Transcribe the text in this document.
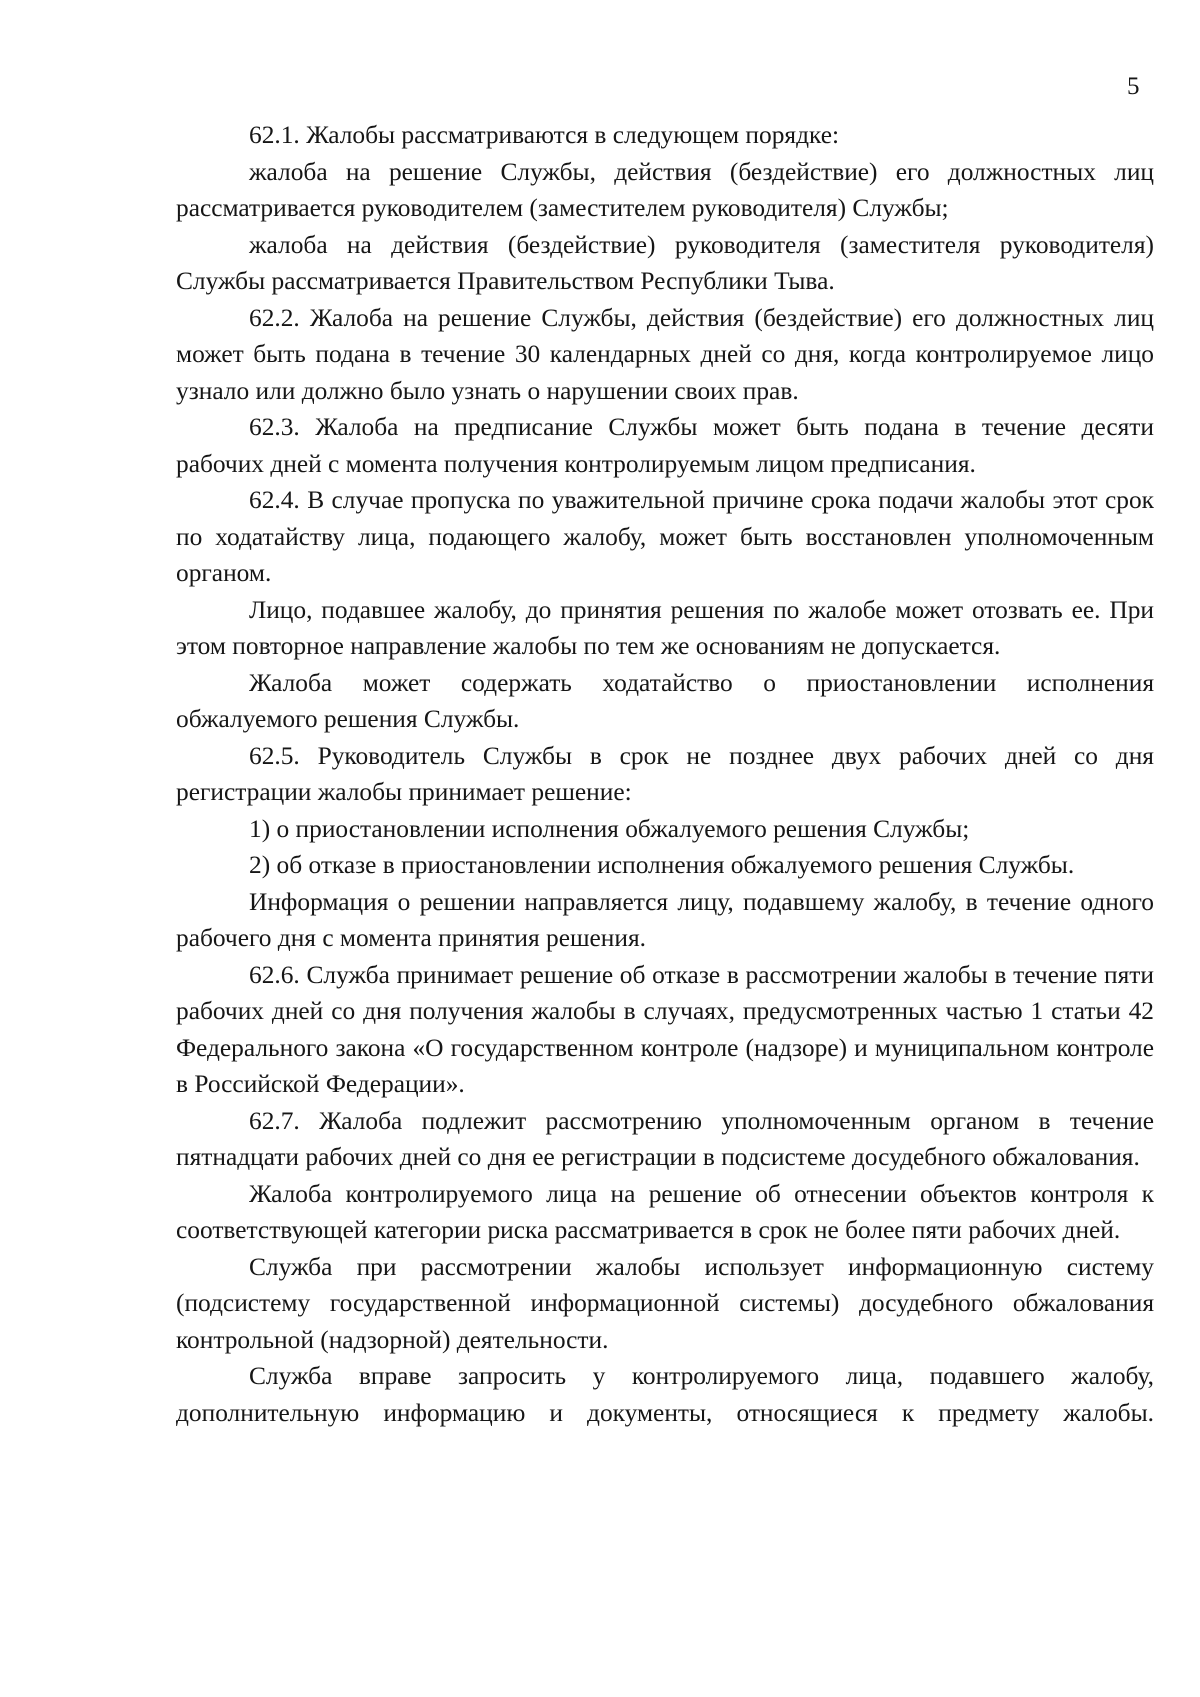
5

62.1. Жалобы рассматриваются в следующем порядке:

жалоба на решение Службы, действия (бездействие) его должностных лиц рассматривается руководителем (заместителем руководителя) Службы;

жалоба на действия (бездействие) руководителя (заместителя руководителя) Службы рассматривается Правительством Республики Тыва.

62.2. Жалоба на решение Службы, действия (бездействие) его должностных лиц может быть подана в течение 30 календарных дней со дня, когда контролируемое лицо узнало или должно было узнать о нарушении своих прав.

62.3. Жалоба на предписание Службы может быть подана в течение десяти рабочих дней с момента получения контролируемым лицом предписания.

62.4. В случае пропуска по уважительной причине срока подачи жалобы этот срок по ходатайству лица, подающего жалобу, может быть восстановлен уполномоченным органом.

Лицо, подавшее жалобу, до принятия решения по жалобе может отозвать ее. При этом повторное направление жалобы по тем же основаниям не допускается.

Жалоба может содержать ходатайство о приостановлении исполнения обжалуемого решения Службы.

62.5. Руководитель Службы в срок не позднее двух рабочих дней со дня регистрации жалобы принимает решение:

1) о приостановлении исполнения обжалуемого решения Службы;

2) об отказе в приостановлении исполнения обжалуемого решения Службы.

Информация о решении направляется лицу, подавшему жалобу, в течение одного рабочего дня с момента принятия решения.

62.6. Служба принимает решение об отказе в рассмотрении жалобы в течение пяти рабочих дней со дня получения жалобы в случаях, предусмотренных частью 1 статьи 42 Федерального закона «О государственном контроле (надзоре) и муниципальном контроле в Российской Федерации».

62.7. Жалоба подлежит рассмотрению уполномоченным органом в течение пятнадцати рабочих дней со дня ее регистрации в подсистеме досудебного обжалования.

Жалоба контролируемого лица на решение об отнесении объектов контроля к соответствующей категории риска рассматривается в срок не более пяти рабочих дней.

Служба при рассмотрении жалобы использует информационную систему (подсистему государственной информационной системы) досудебного обжалования контрольной (надзорной) деятельности.

Служба вправе запросить у контролируемого лица, подавшего жалобу, дополнительную информацию и документы, относящиеся к предмету жалобы.
